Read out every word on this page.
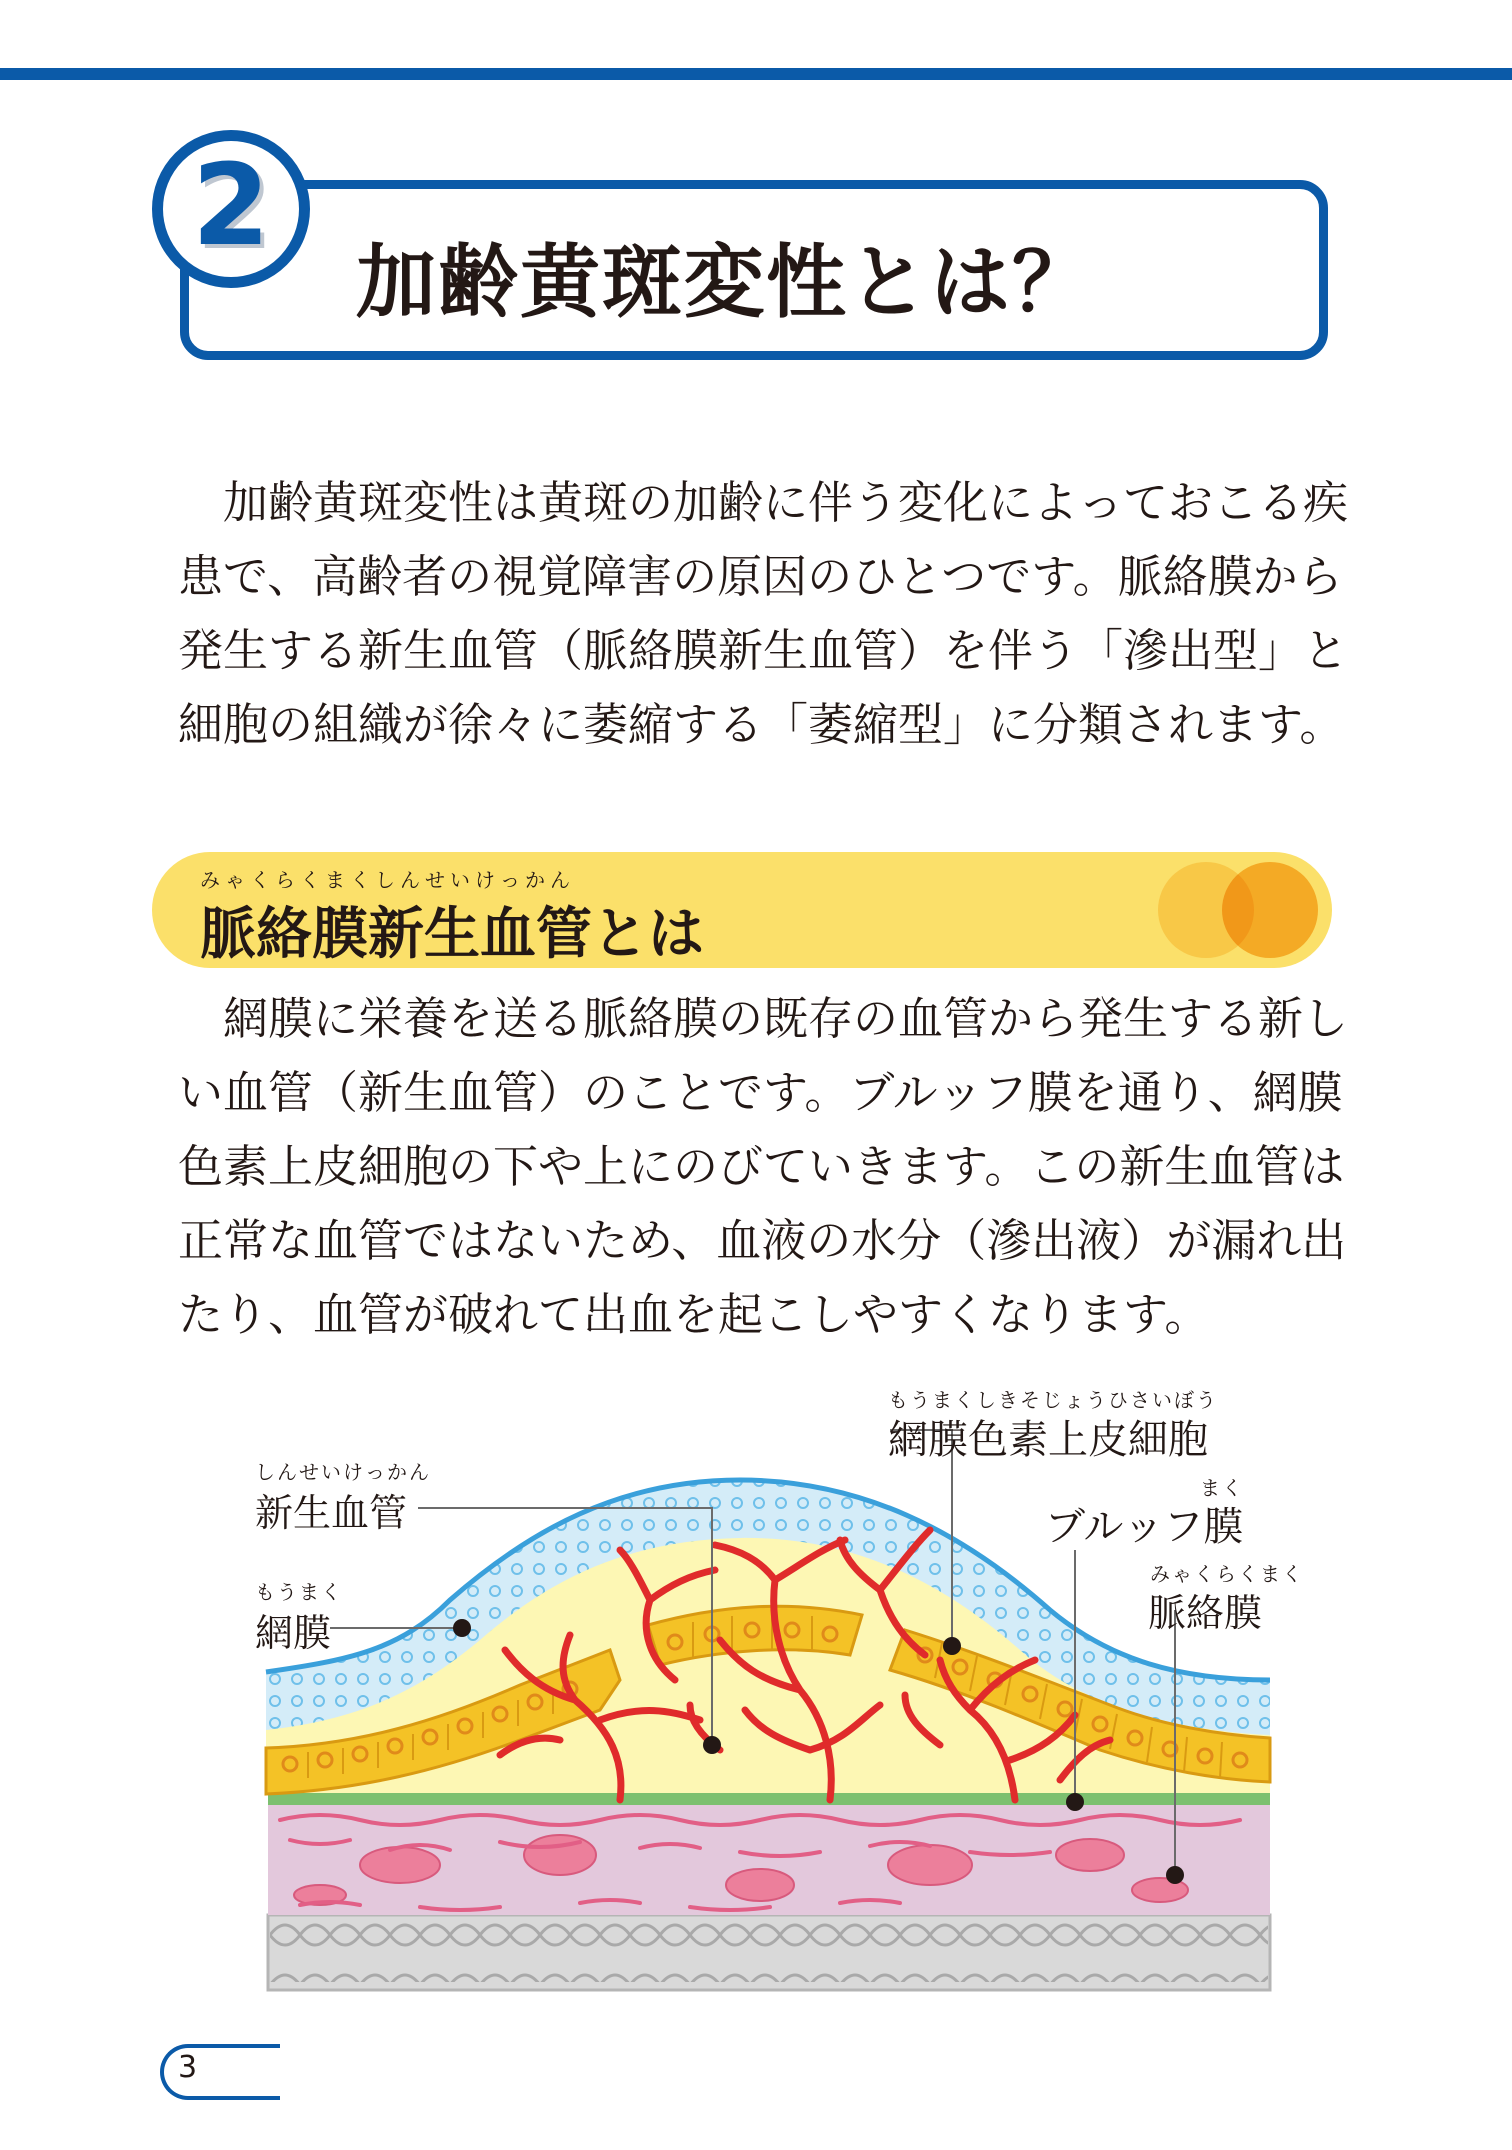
2
加齢黄斑変性とは？

　加齢黄斑変性は黄斑の加齢に伴う変化によっておこる疾

患で、高齢者の視覚障害の原因のひとつです。脈絡膜から

発生する新生血管（脈絡膜新生血管）を伴う「滲出型」と

細胞の組織が徐々に萎縮する「萎縮型」に分類されます。

みゃくらくまくしんせいけっかん
脈絡膜新生血管とは

　網膜に栄養を送る脈絡膜の既存の血管から発生する新し

い血管（新生血管）のことです。ブルッフ膜を通り、網膜

色素上皮細胞の下や上にのびていきます。この新生血管は

正常な血管ではないため、血液の水分（滲出液）が漏れ出

たり、血管が破れて出血を起こしやすくなります。

もうまくしきそじょうひさいぼう
網膜色素上皮細胞
しんせいけっかん
新生血管
まく
ブルッフ膜
もうまく
網膜
みゃくらくまく
脈絡膜
3
